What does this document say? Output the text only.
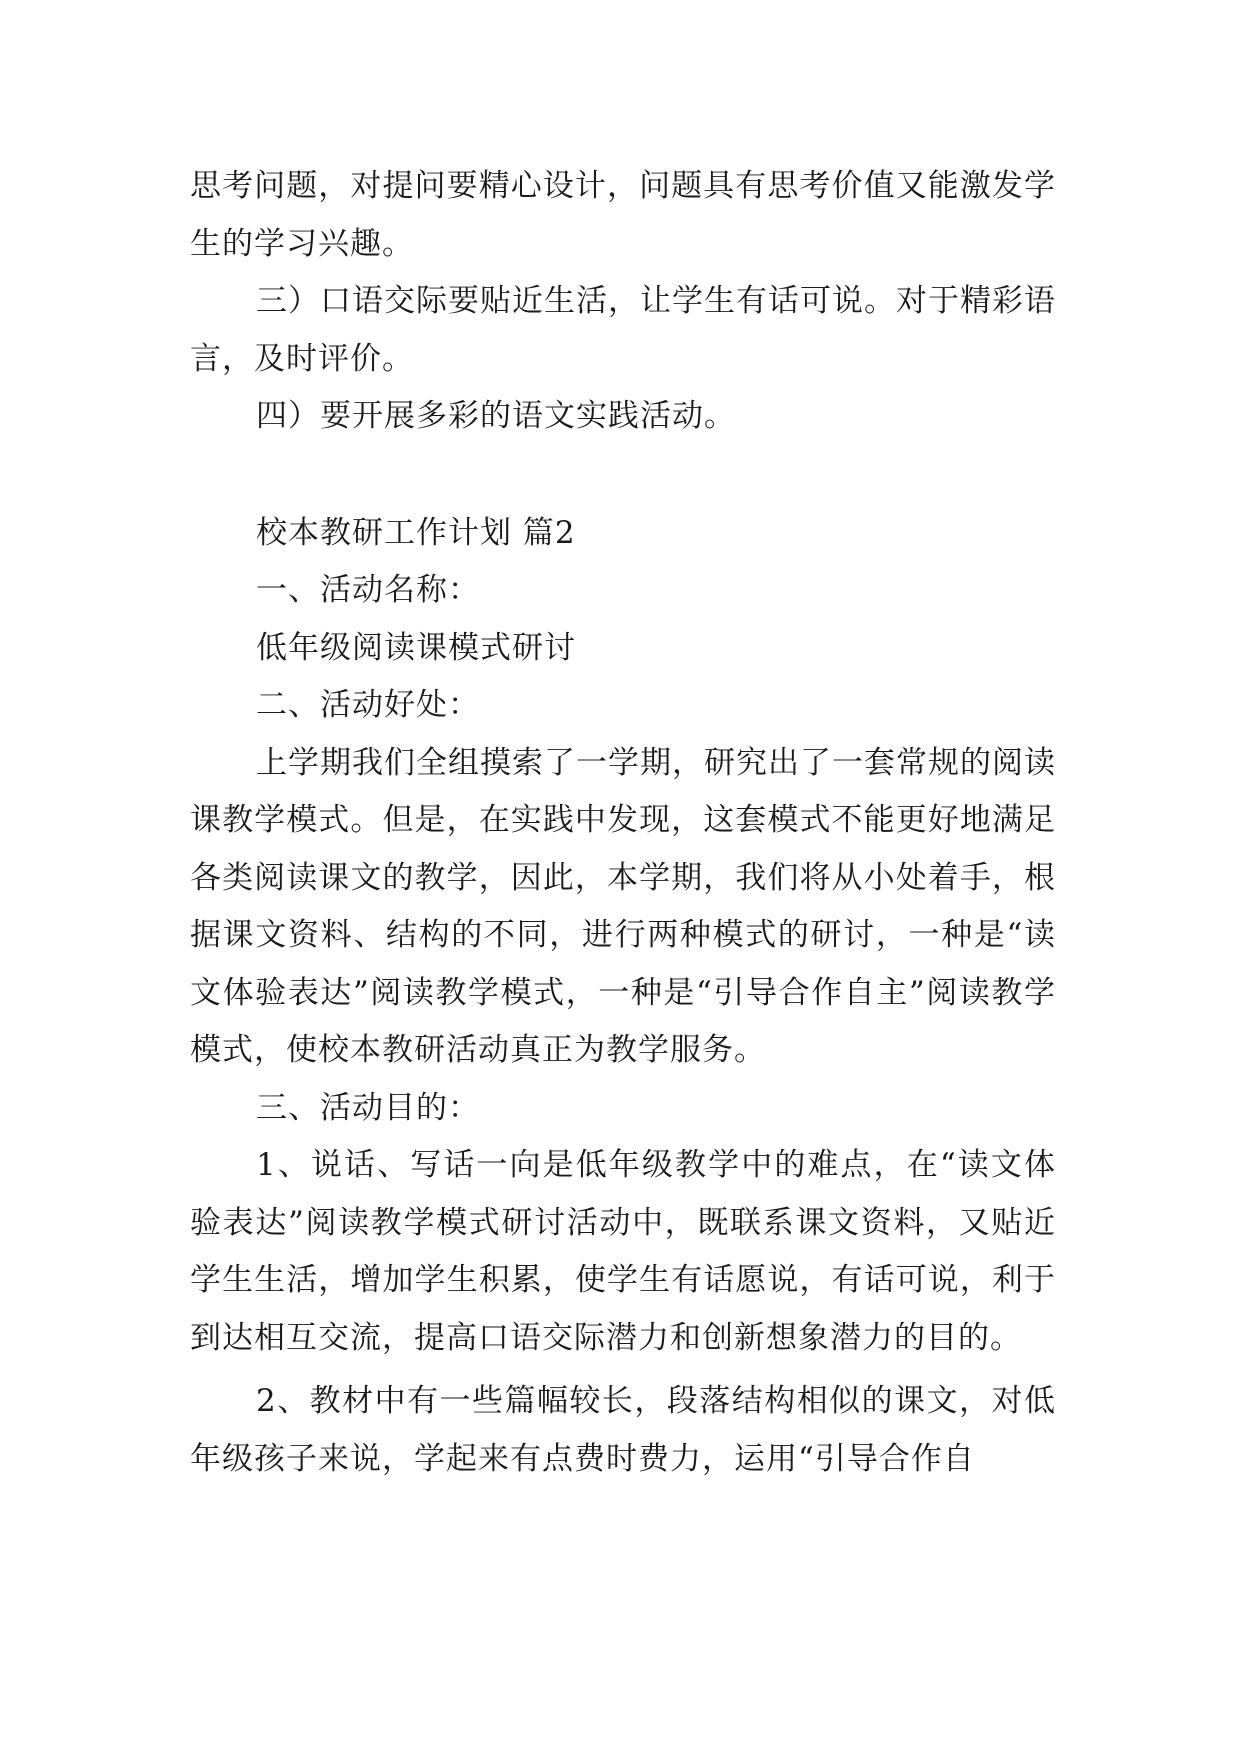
思考问题，对提问要精心设计，问题具有思考价值又能激发学生的学习兴趣。

三）口语交际要贴近生活，让学生有话可说。对于精彩语言，及时评价。

四）要开展多彩的语文实践活动。

校本教研工作计划 篇2

一、活动名称：

低年级阅读课模式研讨

二、活动好处：

上学期我们全组摸索了一学期，研究出了一套常规的阅读课教学模式。但是，在实践中发现，这套模式不能更好地满足各类阅读课文的教学，因此，本学期，我们将从小处着手，根据课文资料、结构的不同，进行两种模式的研讨，一种是“读文体验表达”阅读教学模式，一种是“引导合作自主”阅读教学模式，使校本教研活动真正为教学服务。

三、活动目的：

1、说话、写话一向是低年级教学中的难点，在“读文体验表达”阅读教学模式研讨活动中，既联系课文资料，又贴近学生生活，增加学生积累，使学生有话愿说，有话可说，利于到达相互交流，提高口语交际潜力和创新想象潜力的目的。

2、教材中有一些篇幅较长，段落结构相似的课文，对低年级孩子来说，学起来有点费时费力，运用“引导合作自
